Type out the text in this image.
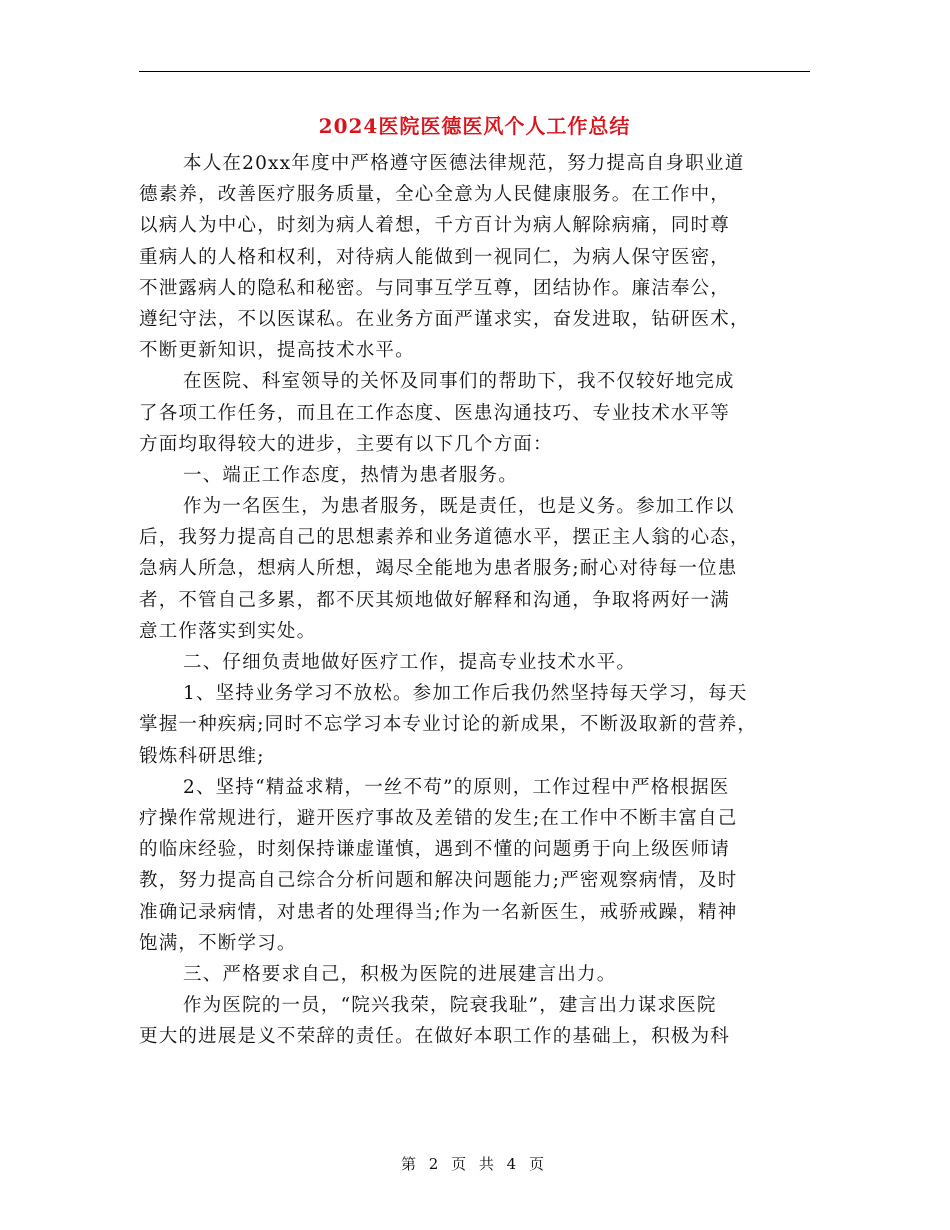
2024医院医德医风个人工作总结
本人在20xx年度中严格遵守医德法律规范，努力提高自身职业道
德素养，改善医疗服务质量，全心全意为人民健康服务。在工作中，
以病人为中心，时刻为病人着想，千方百计为病人解除病痛，同时尊
重病人的人格和权利，对待病人能做到一视同仁，为病人保守医密，
不泄露病人的隐私和秘密。与同事互学互尊，团结协作。廉洁奉公，
遵纪守法，不以医谋私。在业务方面严谨求实，奋发进取，钻研医术，
不断更新知识，提高技术水平。
在医院、科室领导的关怀及同事们的帮助下，我不仅较好地完成
了各项工作任务，而且在工作态度、医患沟通技巧、专业技术水平等
方面均取得较大的进步，主要有以下几个方面：
一、端正工作态度，热情为患者服务。
作为一名医生，为患者服务，既是责任，也是义务。参加工作以
后，我努力提高自己的思想素养和业务道德水平，摆正主人翁的心态，
急病人所急，想病人所想，竭尽全能地为患者服务;耐心对待每一位患
者，不管自己多累，都不厌其烦地做好解释和沟通，争取将两好一满
意工作落实到实处。
二、仔细负责地做好医疗工作，提高专业技术水平。
1、坚持业务学习不放松。参加工作后我仍然坚持每天学习，每天
掌握一种疾病;同时不忘学习本专业讨论的新成果，不断汲取新的营养，
锻炼科研思维;
2、坚持“精益求精，一丝不苟”的原则，工作过程中严格根据医
疗操作常规进行，避开医疗事故及差错的发生;在工作中不断丰富自己
的临床经验，时刻保持谦虚谨慎，遇到不懂的问题勇于向上级医师请
教，努力提高自己综合分析问题和解决问题能力;严密观察病情，及时
准确记录病情，对患者的处理得当;作为一名新医生，戒骄戒躁，精神
饱满，不断学习。
三、严格要求自己，积极为医院的进展建言出力。
作为医院的一员，“院兴我荣，院衰我耻”，建言出力谋求医院
更大的进展是义不荣辞的责任。在做好本职工作的基础上，积极为科
第 2 页 共 4 页
